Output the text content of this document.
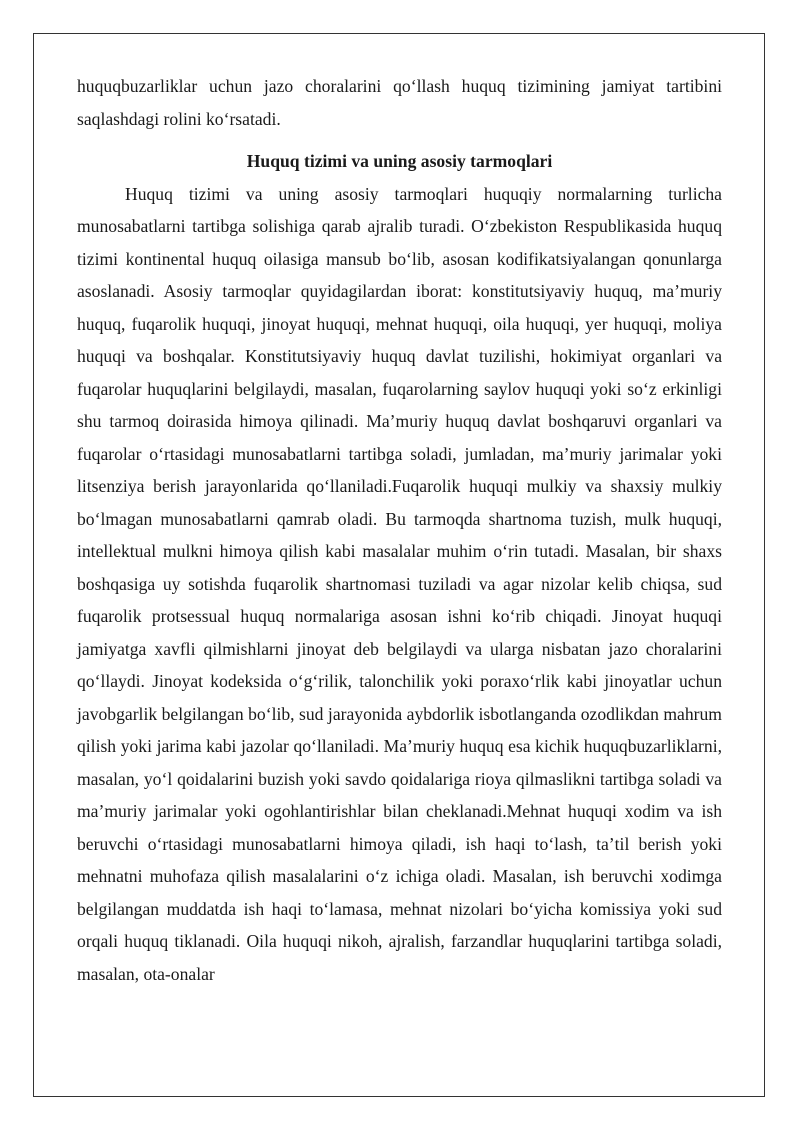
huquqbuzarliklar uchun jazo choralarini qoʻllash huquq tizimining jamiyat tartibini saqlashdagi rolini koʻrsatadi.

Huquq tizimi va uning asosiy tarmoqlari

Huquq tizimi va uning asosiy tarmoqlari huquqiy normalarning turlicha munosabatlarni tartibga solishiga qarab ajralib turadi. Oʻzbekiston Respublikasida huquq tizimi kontinental huquq oilasiga mansub boʻlib, asosan kodifikatsiyalangan qonunlarga asoslanadi. Asosiy tarmoqlar quyidagilardan iborat: konstitutsiyaviy huquq, maʼmuriy huquq, fuqarolik huquqi, jinoyat huquqi, mehnat huquqi, oila huquqi, yer huquqi, moliya huquqi va boshqalar. Konstitutsiyaviy huquq davlat tuzilishi, hokimiyat organlari va fuqarolar huquqlarini belgilaydi, masalan, fuqarolarning saylov huquqi yoki soʻz erkinligi shu tarmoq doirasida himoya qilinadi. Maʼmuriy huquq davlat boshqaruvi organlari va fuqarolar oʻrtasidagi munosabatlarni tartibga soladi, jumladan, maʼmuriy jarimalar yoki litsenziya berish jarayonlarida qoʻllaniladi.Fuqarolik huquqi mulkiy va shaxsiy mulkiy boʻlmagan munosabatlarni qamrab oladi. Bu tarmoqda shartnoma tuzish, mulk huquqi, intellektual mulkni himoya qilish kabi masalalar muhim oʻrin tutadi. Masalan, bir shaxs boshqasiga uy sotishda fuqarolik shartnomasi tuziladi va agar nizolar kelib chiqsa, sud fuqarolik protsessual huquq normalariga asosan ishni koʻrib chiqadi. Jinoyat huquqi jamiyatga xavfli qilmishlarni jinoyat deb belgilaydi va ularga nisbatan jazo choralarini qoʻllaydi. Jinoyat kodeksida oʻgʻrilik, talonchilik yoki poraxoʻrlik kabi jinoyatlar uchun javobgarlik belgilangan boʻlib, sud jarayonida aybdorlik isbotlanganda ozodlikdan mahrum qilish yoki jarima kabi jazolar qoʻllaniladi. Maʼmuriy huquq esa kichik huquqbuzarliklarni, masalan, yoʻl qoidalarini buzish yoki savdo qoidalariga rioya qilmaslikni tartibga soladi va maʼmuriy jarimalar yoki ogohlantirishlar bilan cheklanadi.Mehnat huquqi xodim va ish beruvchi oʻrtasidagi munosabatlarni himoya qiladi, ish haqi toʻlash, taʼtil berish yoki mehnatni muhofaza qilish masalalarini oʻz ichiga oladi. Masalan, ish beruvchi xodimga belgilangan muddatda ish haqi toʻlamasa, mehnat nizolari boʻyicha komissiya yoki sud orqali huquq tiklanadi. Oila huquqi nikoh, ajralish, farzandlar huquqlarini tartibga soladi, masalan, ota-onalar
